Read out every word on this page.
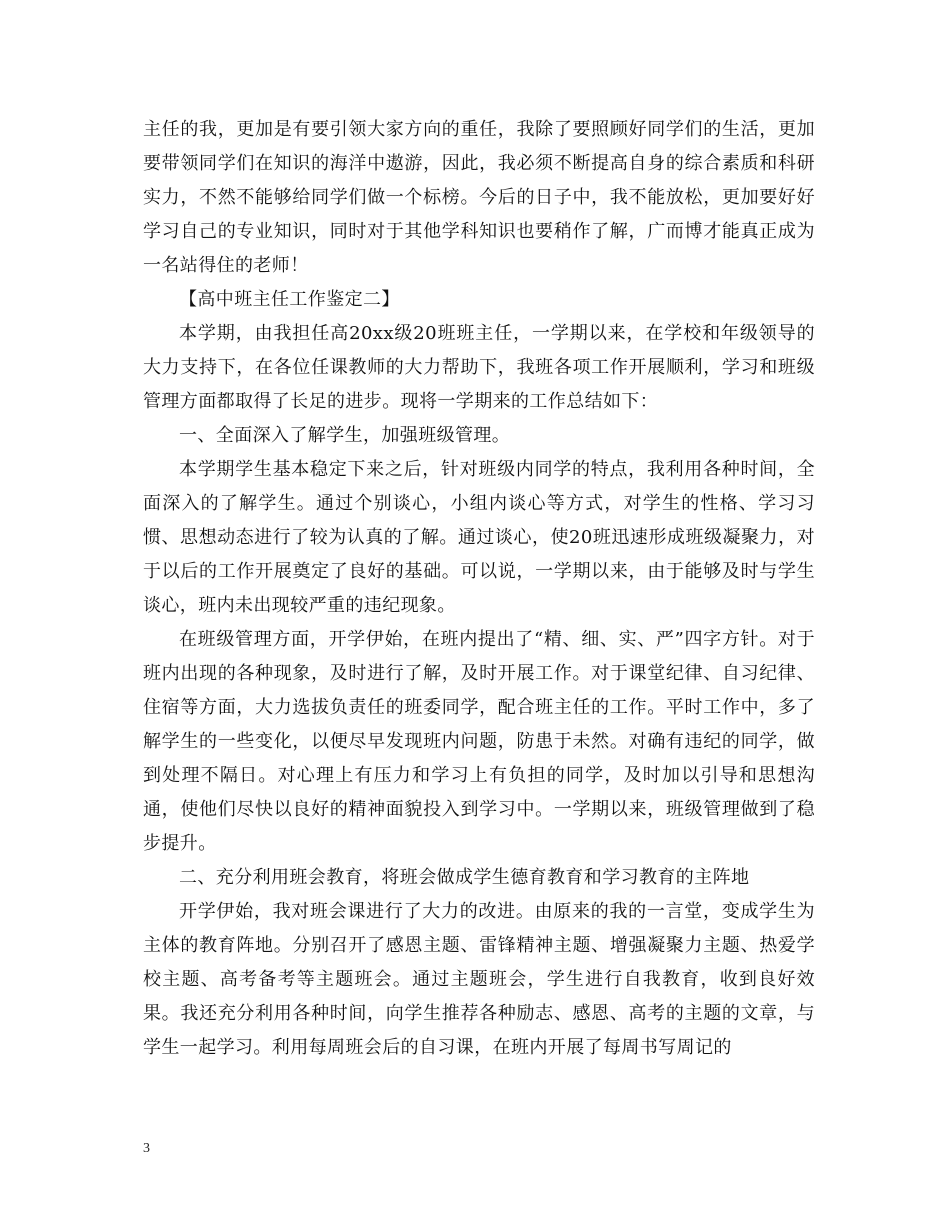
主任的我，更加是有要引领大家方向的重任，我除了要照顾好同学们的生活，更加要带领同学们在知识的海洋中遨游，因此，我必须不断提高自身的综合素质和科研实力，不然不能够给同学们做一个标榜。今后的日子中，我不能放松，更加要好好学习自己的专业知识，同时对于其他学科知识也要稍作了解，广而博才能真正成为一名站得住的老师！

【高中班主任工作鉴定二】

本学期，由我担任高20xx级20班班主任，一学期以来，在学校和年级领导的大力支持下，在各位任课教师的大力帮助下，我班各项工作开展顺利，学习和班级管理方面都取得了长足的进步。现将一学期来的工作总结如下：

一、全面深入了解学生，加强班级管理。

本学期学生基本稳定下来之后，针对班级内同学的特点，我利用各种时间，全面深入的了解学生。通过个别谈心，小组内谈心等方式，对学生的性格、学习习惯、思想动态进行了较为认真的了解。通过谈心，使20班迅速形成班级凝聚力，对于以后的工作开展奠定了良好的基础。可以说，一学期以来，由于能够及时与学生谈心，班内未出现较严重的违纪现象。

在班级管理方面，开学伊始，在班内提出了“精、细、实、严”四字方针。对于班内出现的各种现象，及时进行了解，及时开展工作。对于课堂纪律、自习纪律、住宿等方面，大力选拔负责任的班委同学，配合班主任的工作。平时工作中，多了解学生的一些变化，以便尽早发现班内问题，防患于未然。对确有违纪的同学，做到处理不隔日。对心理上有压力和学习上有负担的同学，及时加以引导和思想沟通，使他们尽快以良好的精神面貌投入到学习中。一学期以来，班级管理做到了稳步提升。

二、充分利用班会教育，将班会做成学生德育教育和学习教育的主阵地

开学伊始，我对班会课进行了大力的改进。由原来的我的一言堂，变成学生为主体的教育阵地。分别召开了感恩主题、雷锋精神主题、增强凝聚力主题、热爱学校主题、高考备考等主题班会。通过主题班会，学生进行自我教育，收到良好效果。我还充分利用各种时间，向学生推荐各种励志、感恩、高考的主题的文章，与学生一起学习。利用每周班会后的自习课，在班内开展了每周书写周记的

3
